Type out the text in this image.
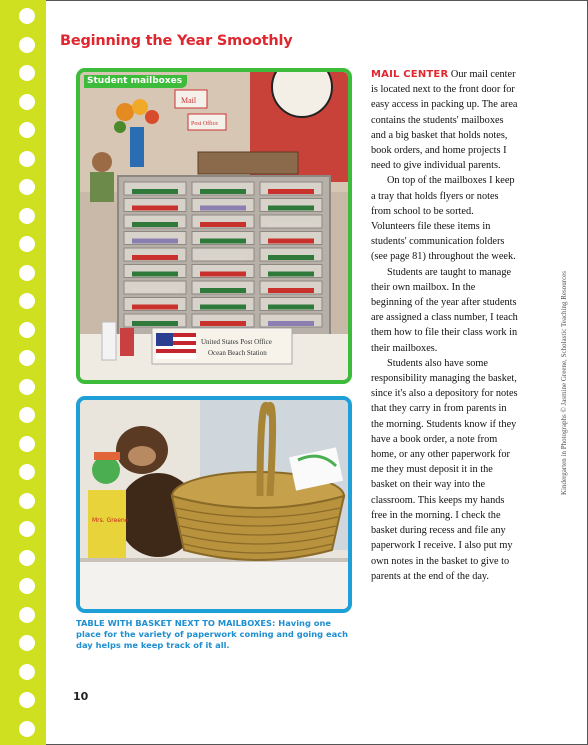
Beginning the Year Smoothly
Mail
Post Office
United States Post Office
Ocean Beach Station
Student mailboxes
Mrs. Greene
TABLE WITH BASKET NEXT TO MAILBOXES: Having one place for the variety of paperwork coming and going each day helps me keep track of it all.

MAIL CENTER Our mail center is located next to the front door for easy access in packing up. The area contains the students' mailboxes and a big basket that holds notes, book orders, and home projects I need to give individual parents.

On top of the mailboxes I keep a tray that holds flyers or notes from school to be sorted. Volunteers file these items in students' communication folders (see page 81) throughout the week.

Students are taught to manage their own mailbox. In the beginning of the year after students are assigned a class number, I teach them how to file their class work in their mailboxes.

Students also have some responsibility managing the basket, since it's also a depository for notes that they carry in from parents in the morning. Students know if they have a book order, a note from home, or any other paperwork for me they must deposit it in the basket on their way into the classroom. This keeps my hands free in the morning. I check the basket during recess and file any paperwork I receive. I also put my own notes in the basket to give to parents at the end of the day.

Kindergarten in Photographs © Jasmine Greene, Scholastic Teaching Resources
10
